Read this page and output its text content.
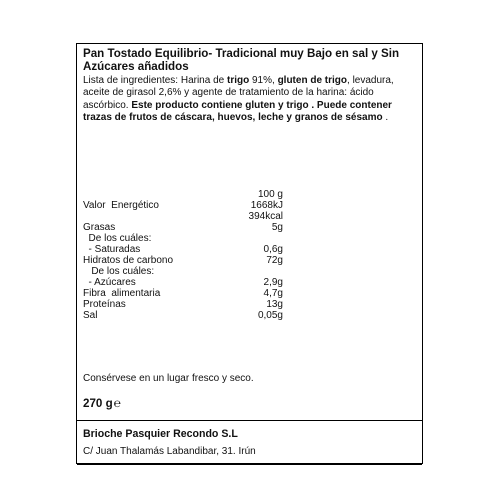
Pan Tostado Equilibrio- Tradicional muy Bajo en sal y Sin Azúcares añadidos

Lista de ingredientes: Harina de trigo 91%, gluten de trigo, levadura, aceite de girasol 2,6% y agente de tratamiento de la harina: ácido ascórbico. Este producto contiene gluten y trigo . Puede contener trazas de frutos de cáscara, huevos, leche y granos de sésamo .

100 g
Valor  Energético	1668kJ
394kcal
Grasas	5g
De los cuáles:
- Saturadas	0,6g
Hidratos de carbono	72g
De los cuáles:
- Azúcares	2,9g
Fibra  alimentaria	4,7g
Proteínas	13g
Sal	0,05g
Consérvese en un lugar fresco y seco.
270 g℮
Brioche Pasquier Recondo S.L
C/ Juan Thalamás Labandibar, 31. Irún
